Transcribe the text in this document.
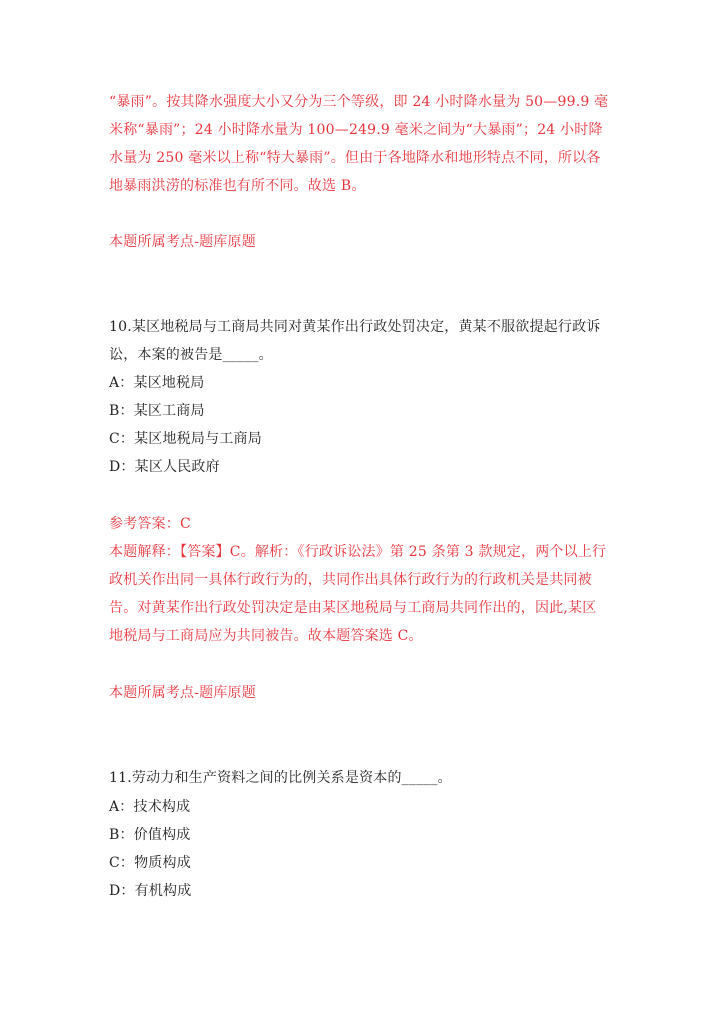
“暴雨”。按其降水强度大小又分为三个等级，即 24 小时降水量为 50—99.9 毫
米称“暴雨”；24 小时降水量为 100—249.9 毫米之间为“大暴雨”；24 小时降
水量为 250 毫米以上称“特大暴雨”。但由于各地降水和地形特点不同，所以各
地暴雨洪涝的标准也有所不同。故选 B。
本题所属考点-题库原题
10.某区地税局与工商局共同对黄某作出行政处罚决定，黄某不服欲提起行政诉
讼，本案的被告是_____。
A：某区地税局
B：某区工商局
C：某区地税局与工商局
D：某区人民政府
参考答案：C
本题解释：【答案】C。解析：《行政诉讼法》第 25 条第 3 款规定，两个以上行
政机关作出同一具体行政行为的，共同作出具体行政行为的行政机关是共同被
告。对黄某作出行政处罚决定是由某区地税局与工商局共同作出的，因此,某区
地税局与工商局应为共同被告。故本题答案选 C。
本题所属考点-题库原题
11.劳动力和生产资料之间的比例关系是资本的_____。
A：技术构成
B：价值构成
C：物质构成
D：有机构成
